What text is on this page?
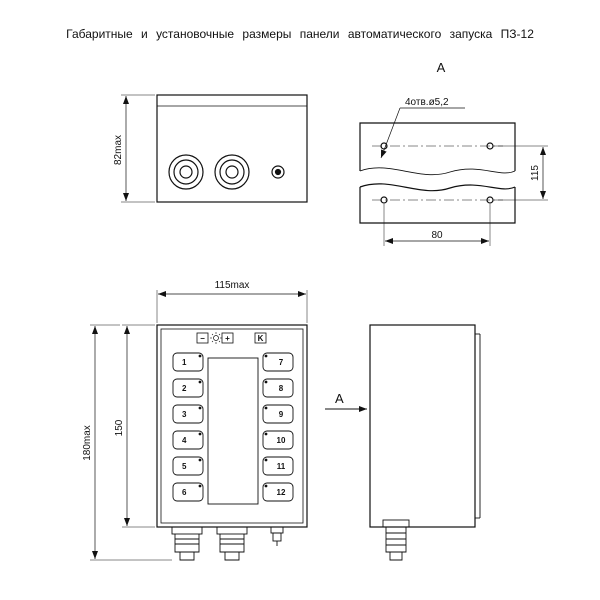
Габаритные и установочные размеры панели автоматического запуска ПЗ-12
82max
А
4отв.ø5,2
80
115
115max
150
180max
−	+	K
1
2
3
4
5
6
7
8
9
10
11
12
A
